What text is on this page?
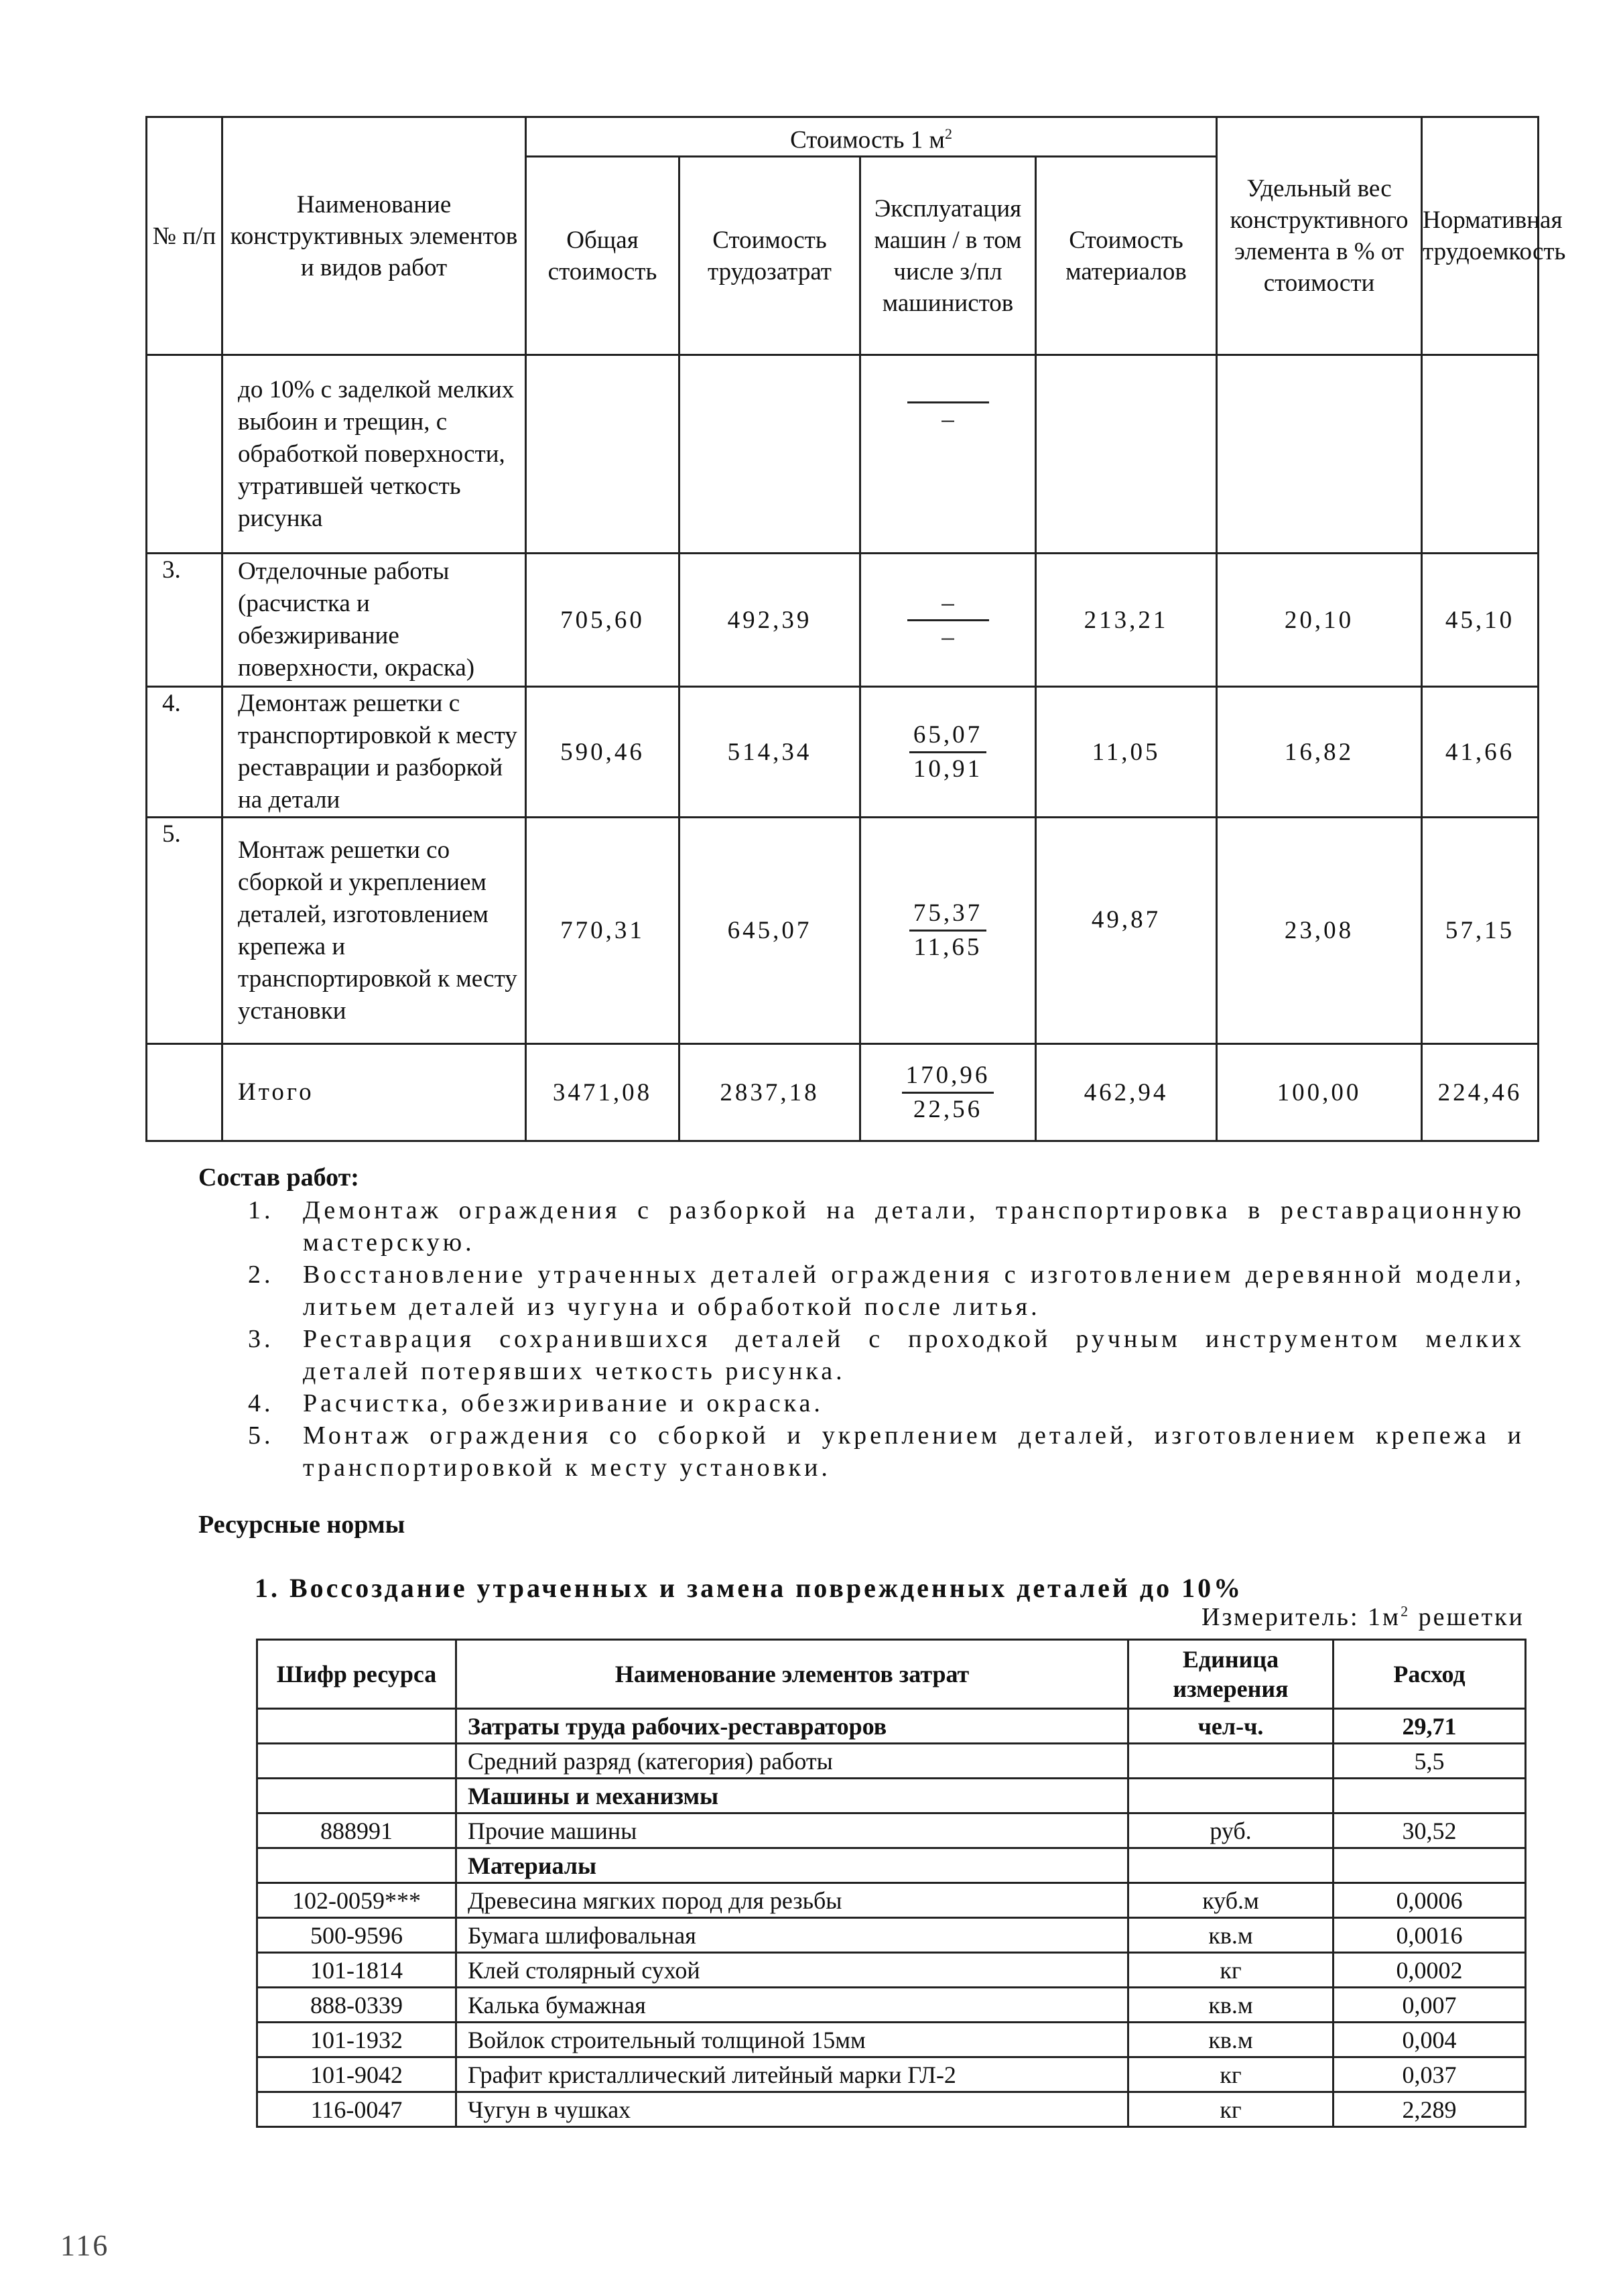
№ п/п	Наименование конструктивных элементов и видов работ	Стоимость 1 $м^2$				Удельный вес конструктивного элемента в % от стоимости	Нормативная трудоемкость
		Общая стоимость	Стоимость трудозатрат	Эксплуатация машин / в том числе з/пл машинистов	Стоимость материалов		
	до 10% с заделкой мелких выбоин и трещин, с обработкой поверхности, утратившей четкость рисунка			–			

3.	Отделочные работы (расчистка и обезжиривание поверхности, окраска)	705,60	492,39	$\frac{-}{-}$	213,21	20,10	45,10
4.	Демонтаж решетки с транспортировкой к месту реставрации и разборкой на детали	590,46	514,34	$\frac{65,07}{10,91}$	11,05	16,82	41,66
5.	Монтаж решетки со сборкой и укреплением деталей, изготовлением крепежа и транспортировкой к месту установки	770,31	645,07	$\frac{75,37}{11,65}$	49,87	23,08	57,15
	Итого	3471,08	2837,18	$\frac{170,96}{22,56}$	462,94	100,00	224,46
Состав работ:
1. Демонтаж ограждения с разборкой на детали, транспортировка в реставрационную мастерскую.
2. Восстановление утраченных деталей ограждения с изготовлением деревянной модели, литьем деталей из чугуна и обработкой после литья.
3. Реставрация сохранившихся деталей с проходкой ручным инструментом мелких деталей потерявших четкость рисунка.
4. Расчистка, обезжиривание и окраска.
5. Монтаж ограждения со сборкой и укреплением деталей, изготовлением крепежа и транспортировкой к месту установки.
Ресурсные нормы
1. Воссоздание утраченных и замена поврежденных деталей до 10%
Измеритель: $1м^2$ решетки
Шифр ресурса	Наименование элементов затрат	Единица измерения	Расход
	Затраты труда рабочих-реставраторов	чел-ч.	29,71
	Средний разряд (категория) работы		5,5
	Машины и механизмы		
888991	Прочие машины	руб.	30,52
	Материалы		
102-0059***	Древесина мягких пород для резьбы	куб.м	0,0006
500-9596	Бумага шлифовальная	кв.м	0,0016
101-1814	Клей столярный сухой	кг	0,0002
888-0339	Калька бумажная	кв.м	0,007
101-1932	Войлок строительный толщиной 15мм	кв.м	0,004
101-9042	Графит кристаллический литейный марки ГЛ-2	кг	0,037
116-0047	Чугун в чушках	кг	2,289
116
